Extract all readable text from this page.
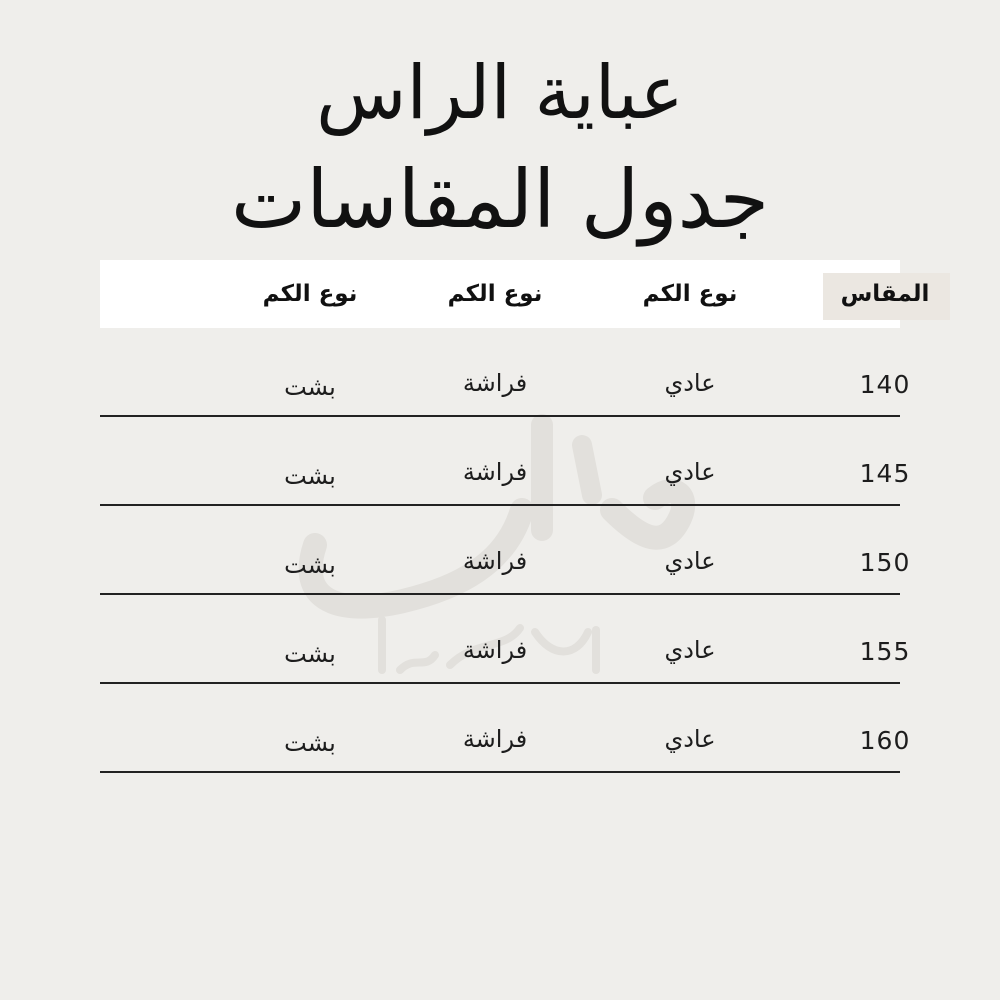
عباية الراس
جدول المقاسات
المقاس
نوع الكم
نوع الكم
نوع الكم
140
عادي
فراشة
بشت
145
عادي
فراشة
بشت
150
عادي
فراشة
بشت
155
عادي
فراشة
بشت
160
عادي
فراشة
بشت
